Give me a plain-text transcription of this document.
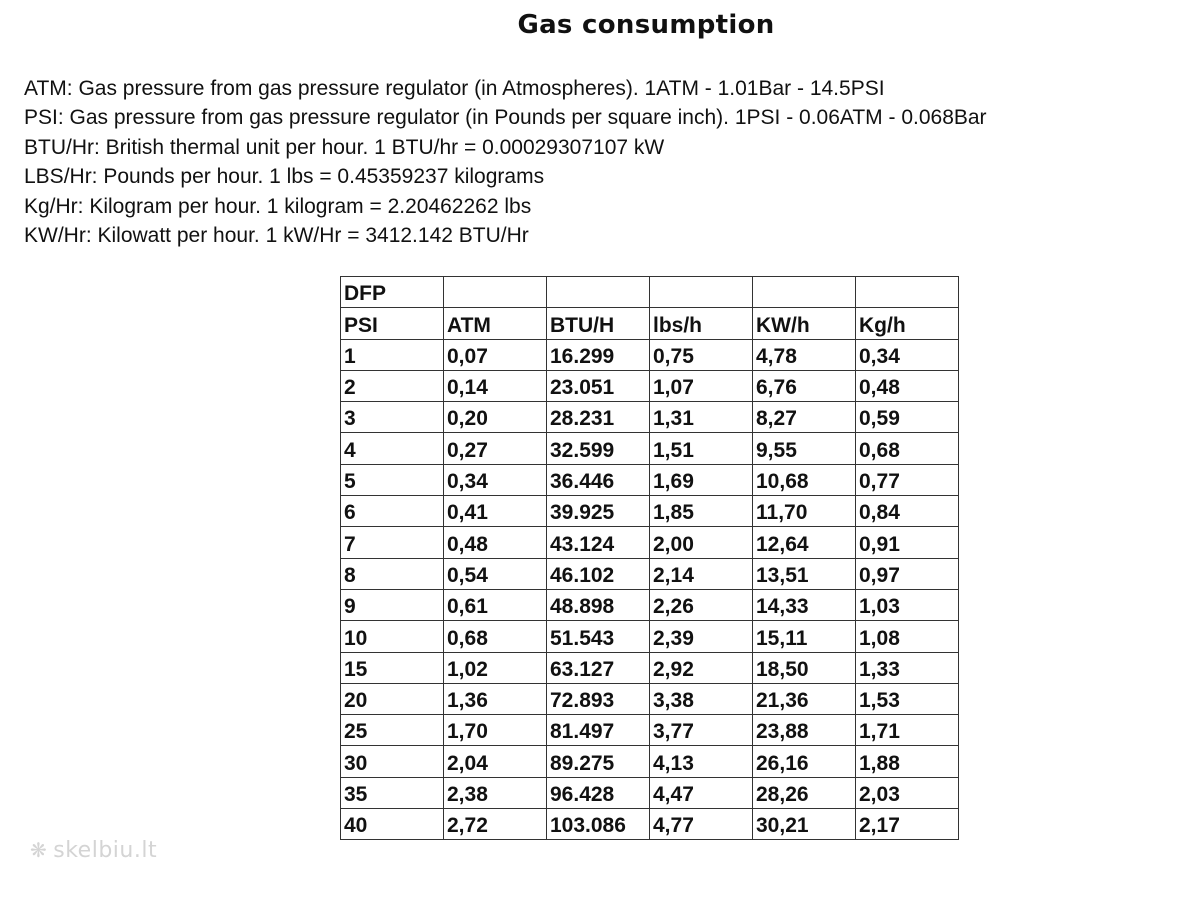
Gas consumption
ATM: Gas pressure from gas pressure regulator (in Atmospheres). 1ATM - 1.01Bar - 14.5PSI
PSI: Gas pressure from gas pressure regulator (in Pounds per square inch). 1PSI - 0.06ATM - 0.068Bar
BTU/Hr: British thermal unit per hour. 1 BTU/hr = 0.00029307107 kW
LBS/Hr: Pounds per hour. 1 lbs = 0.45359237 kilograms
Kg/Hr: Kilogram per hour. 1 kilogram = 2.20462262 lbs
KW/Hr: Kilowatt per hour. 1 kW/Hr = 3412.142 BTU/Hr
DFP					
PSI	ATM	BTU/H	lbs/h	KW/h	Kg/h
1	0,07	16.299	0,75	4,78	0,34
2	0,14	23.051	1,07	6,76	0,48
3	0,20	28.231	1,31	8,27	0,59
4	0,27	32.599	1,51	9,55	0,68
5	0,34	36.446	1,69	10,68	0,77
6	0,41	39.925	1,85	11,70	0,84
7	0,48	43.124	2,00	12,64	0,91
8	0,54	46.102	2,14	13,51	0,97
9	0,61	48.898	2,26	14,33	1,03
10	0,68	51.543	2,39	15,11	1,08
15	1,02	63.127	2,92	18,50	1,33
20	1,36	72.893	3,38	21,36	1,53
25	1,70	81.497	3,77	23,88	1,71
30	2,04	89.275	4,13	26,16	1,88
35	2,38	96.428	4,47	28,26	2,03
40	2,72	103.086	4,77	30,21	2,17
❋ skelbiu.lt
